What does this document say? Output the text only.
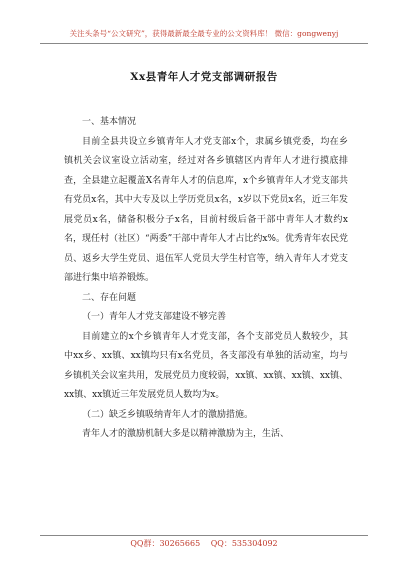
关注头条号“公文研究”，获得最新最全最专业的公文资料库！ 微信：gongwenyj
Xx县青年人才党支部调研报告

一、基本情况

目前全县共设立乡镇青年人才党支部x个，隶属乡镇党委，均在乡镇机关会议室设立活动室，经过对各乡镇辖区内青年人才进行摸底排查，全县建立起覆盖X名青年人才的信息库，x个乡镇青年人才党支部共有党员x名，其中大专及以上学历党员x名，x岁以下党员x名，近三年发展党员x名，储备积极分子x名，目前村级后备干部中青年人才数约x名，现任村（社区）“两委”干部中青年人才占比约x%。优秀青年农民党员、返乡大学生党员、退伍军人党员大学生村官等，纳入青年人才党支部进行集中培养锻炼。

二、存在问题

（一）青年人才党支部建设不够完善

目前建立的x个乡镇青年人才党支部，各个支部党员人数较少，其中xx乡、xx镇、xx镇均只有x名党员，各支部没有单独的活动室，均与乡镇机关会议室共用，发展党员力度较弱，xx镇、xx镇、xx镇、xx镇、xx镇、xx镇近三年发展党员人数均为x。

（二）缺乏乡镇吸纳青年人才的激励措施。

青年人才的激励机制大多是以精神激励为主，生活、

QQ群：30265665 QQ：535304092
